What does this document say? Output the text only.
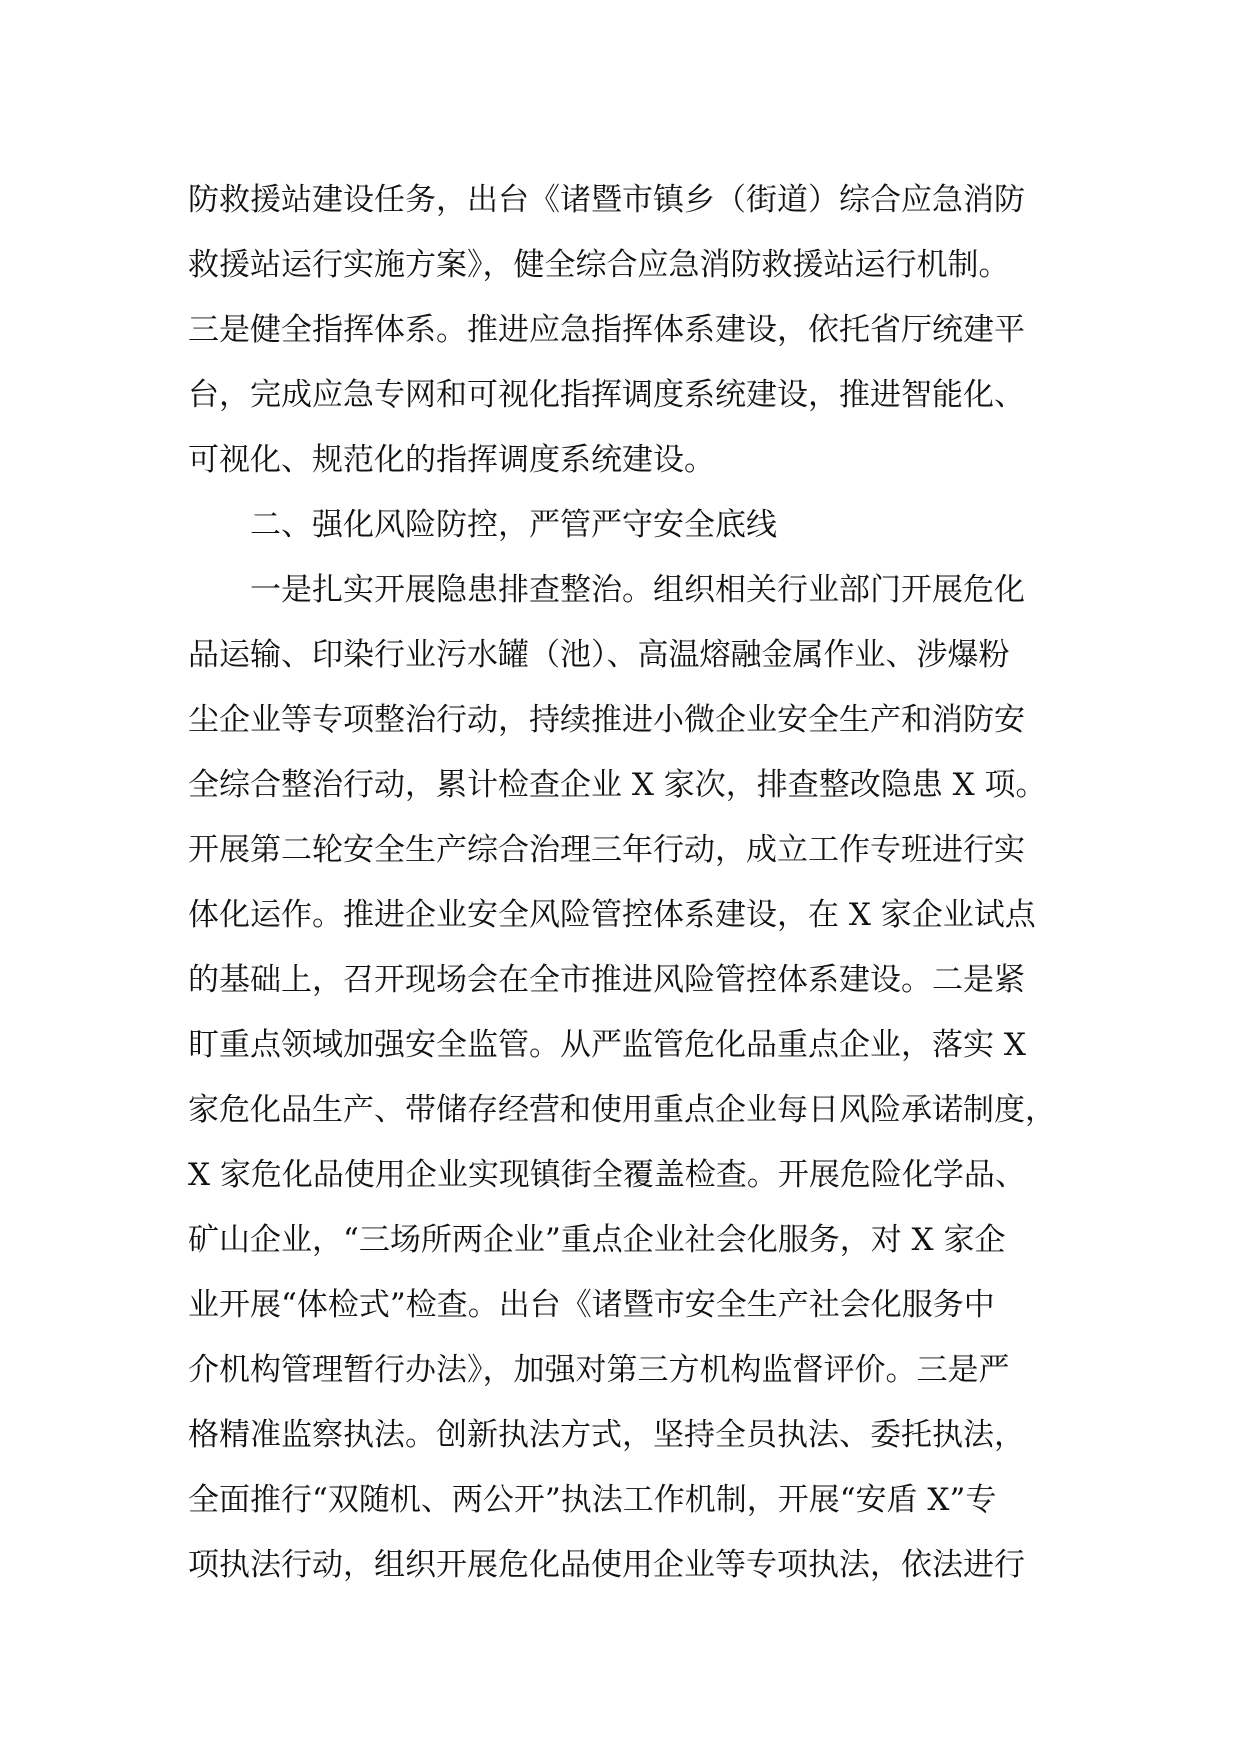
防救援站建设任务，出台《诸暨市镇乡（街道）综合应急消防
救援站运行实施方案》，健全综合应急消防救援站运行机制。
三是健全指挥体系。推进应急指挥体系建设，依托省厅统建平
台，完成应急专网和可视化指挥调度系统建设，推进智能化、
可视化、规范化的指挥调度系统建设。
二、强化风险防控，严管严守安全底线
一是扎实开展隐患排查整治。组织相关行业部门开展危化
品运输、印染行业污水罐（池）、高温熔融金属作业、涉爆粉
尘企业等专项整治行动，持续推进小微企业安全生产和消防安
全综合整治行动，累计检查企业 X 家次，排查整改隐患 X 项。
开展第二轮安全生产综合治理三年行动，成立工作专班进行实
体化运作。推进企业安全风险管控体系建设，在 X 家企业试点
的基础上，召开现场会在全市推进风险管控体系建设。二是紧
盯重点领域加强安全监管。从严监管危化品重点企业，落实 X
家危化品生产、带储存经营和使用重点企业每日风险承诺制度，
X 家危化品使用企业实现镇街全覆盖检查。开展危险化学品、
矿山企业，“三场所两企业”重点企业社会化服务，对 X 家企
业开展“体检式”检查。出台《诸暨市安全生产社会化服务中
介机构管理暂行办法》，加强对第三方机构监督评价。三是严
格精准监察执法。创新执法方式，坚持全员执法、委托执法，
全面推行“双随机、两公开”执法工作机制，开展“安盾 X”专
项执法行动，组织开展危化品使用企业等专项执法，依法进行
